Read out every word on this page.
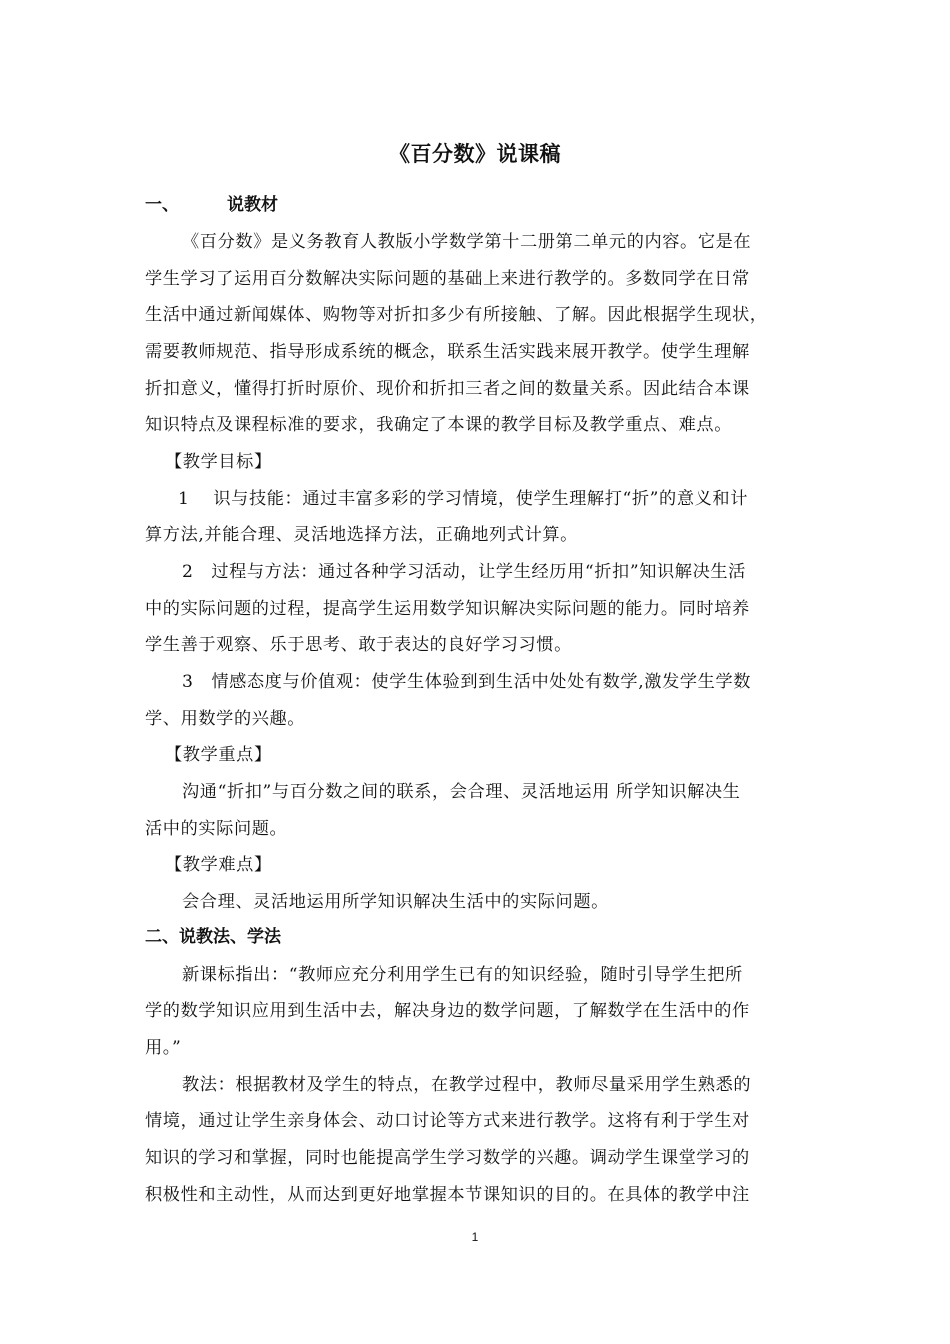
《百分数》说课稿
一、	说教材
《百分数》是义务教育人教版小学数学第十二册第二单元的内容。它是在
学生学习了运用百分数解决实际问题的基础上来进行教学的。多数同学在日常
生活中通过新闻媒体、购物等对折扣多少有所接触、了解。因此根据学生现状，
需要教师规范、指导形成系统的概念，联系生活实践来展开教学。使学生理解
折扣意义，懂得打折时原价、现价和折扣三者之间的数量关系。因此结合本课
知识特点及课程标准的要求，我确定了本课的教学目标及教学重点、难点。
【教学目标】
1　 识与技能：通过丰富多彩的学习情境，使学生理解打“折”的意义和计
算方法,并能合理、灵活地选择方法，正确地列式计算。
2　过程与方法：通过各种学习活动，让学生经历用“折扣”知识解决生活
中的实际问题的过程，提高学生运用数学知识解决实际问题的能力。同时培养
学生善于观察、乐于思考、敢于表达的良好学习习惯。
3　情感态度与价值观：使学生体验到到生活中处处有数学,激发学生学数
学、用数学的兴趣。
【教学重点】
沟通“折扣”与百分数之间的联系，会合理、灵活地运用 所学知识解决生
活中的实际问题。
【教学难点】
会合理、灵活地运用所学知识解决生活中的实际问题。
二、说教法、学法
新课标指出：“教师应充分利用学生已有的知识经验，随时引导学生把所
学的数学知识应用到生活中去，解决身边的数学问题，了解数学在生活中的作
用。”
教法：根据教材及学生的特点，在教学过程中，教师尽量采用学生熟悉的
情境，通过让学生亲身体会、动口讨论等方式来进行教学。这将有利于学生对
知识的学习和掌握，同时也能提高学生学习数学的兴趣。调动学生课堂学习的
积极性和主动性，从而达到更好地掌握本节课知识的目的。在具体的教学中注
1
